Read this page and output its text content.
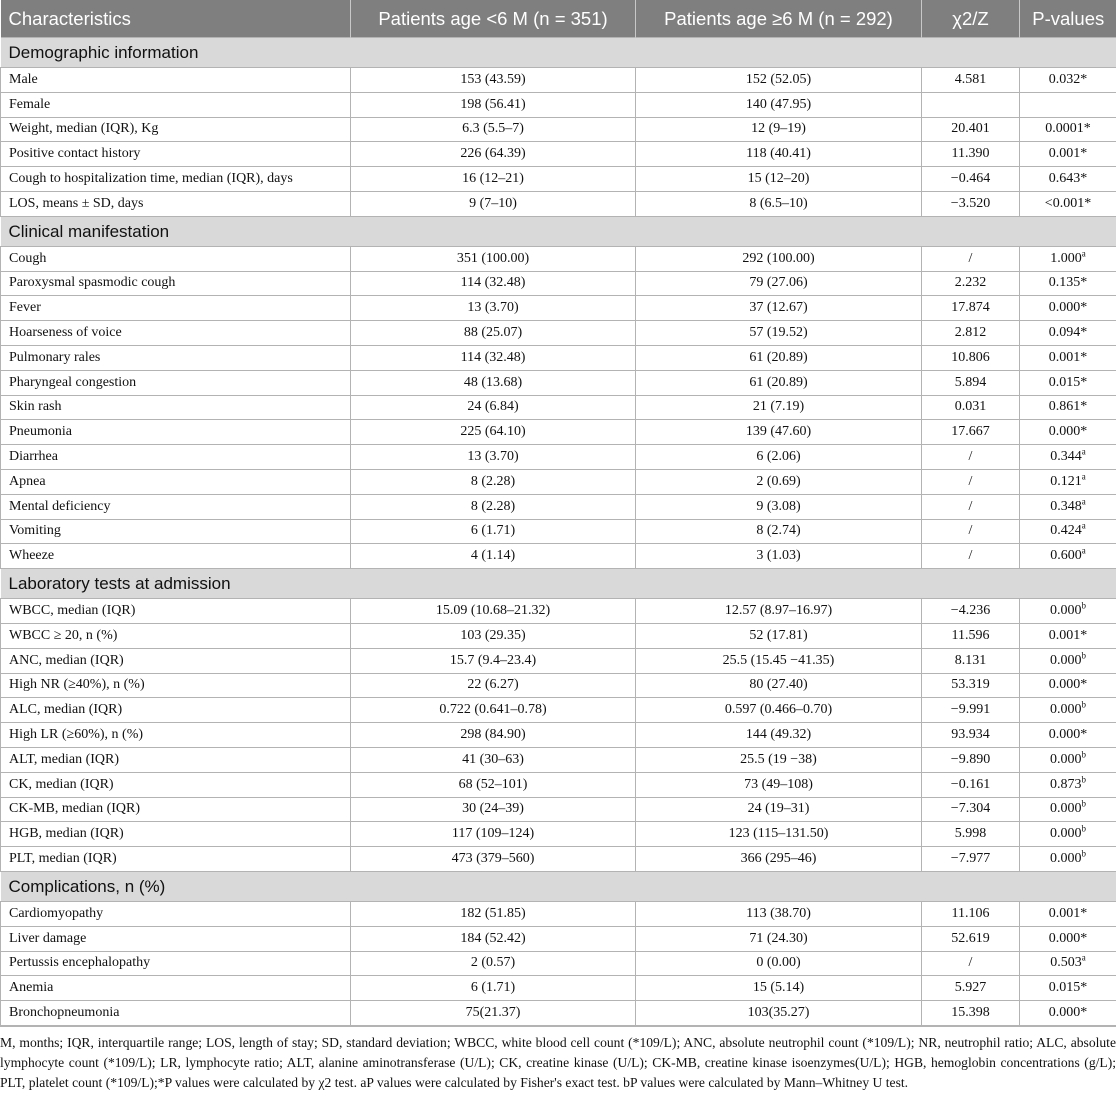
Characteristics	Patients age <6 M (n = 351)	Patients age ≥6 M (n = 292)	χ2/Z	P-values
Demographic information				
Male	153 (43.59)	152 (52.05)	4.581	0.032*
Female	198 (56.41)	140 (47.95)		
Weight, median (IQR), Kg	6.3 (5.5–7)	12 (9–19)	20.401	0.0001*
Positive contact history	226 (64.39)	118 (40.41)	11.390	0.001*
Cough to hospitalization time, median (IQR), days	16 (12–21)	15 (12–20)	−0.464	0.643*
LOS, means ± SD, days	9 (7–10)	8 (6.5–10)	−3.520	<0.001*
Clinical manifestation				
Cough	351 (100.00)	292 (100.00)	/	1.000$^a$
Paroxysmal spasmodic cough	114 (32.48)	79 (27.06)	2.232	0.135*
Fever	13 (3.70)	37 (12.67)	17.874	0.000*
Hoarseness of voice	88 (25.07)	57 (19.52)	2.812	0.094*
Pulmonary rales	114 (32.48)	61 (20.89)	10.806	0.001*
Pharyngeal congestion	48 (13.68)	61 (20.89)	5.894	0.015*
Skin rash	24 (6.84)	21 (7.19)	0.031	0.861*
Pneumonia	225 (64.10)	139 (47.60)	17.667	0.000*
Diarrhea	13 (3.70)	6 (2.06)	/	0.344$^a$
Apnea	8 (2.28)	2 (0.69)	/	0.121$^a$
Mental deficiency	8 (2.28)	9 (3.08)	/	0.348$^a$
Vomiting	6 (1.71)	8 (2.74)	/	0.424$^a$
Wheeze	4 (1.14)	3 (1.03)	/	0.600$^a$
Laboratory tests at admission				
WBCC, median (IQR)	15.09 (10.68–21.32)	12.57 (8.97–16.97)	−4.236	0.000$^b$
WBCC ≥ 20, n (%)	103 (29.35)	52 (17.81)	11.596	0.001*
ANC, median (IQR)	15.7 (9.4–23.4)	25.5 (15.45 −41.35)	8.131	0.000$^b$
High NR (≥40%), n (%)	22 (6.27)	80 (27.40)	53.319	0.000*
ALC, median (IQR)	0.722 (0.641–0.78)	0.597 (0.466–0.70)	−9.991	0.000$^b$
High LR (≥60%), n (%)	298 (84.90)	144 (49.32)	93.934	0.000*
ALT, median (IQR)	41 (30–63)	25.5 (19 −38)	−9.890	0.000$^b$
CK, median (IQR)	68 (52–101)	73 (49–108)	−0.161	0.873$^b$
CK-MB, median (IQR)	30 (24–39)	24 (19–31)	−7.304	0.000$^b$
HGB, median (IQR)	117 (109–124)	123 (115–131.50)	5.998	0.000$^b$
PLT, median (IQR)	473 (379–560)	366 (295–46)	−7.977	0.000$^b$
Complications, n (%)				
Cardiomyopathy	182 (51.85)	113 (38.70)	11.106	0.001*
Liver damage	184 (52.42)	71 (24.30)	52.619	0.000*
Pertussis encephalopathy	2 (0.57)	0 (0.00)	/	0.503$^a$
Anemia	6 (1.71)	15 (5.14)	5.927	0.015*
Bronchopneumonia	75(21.37)	103(35.27)	15.398	0.000*
M, months; IQR, interquartile range; LOS, length of stay; SD, standard deviation; WBCC, white blood cell count (*109/L); ANC, absolute neutrophil count (*109/L); NR, neutrophil ratio; ALC, absolute lymphocyte count (*109/L); LR, lymphocyte ratio; ALT, alanine aminotransferase (U/L); CK, creatine kinase (U/L); CK-MB, creatine kinase isoenzymes(U/L); HGB, hemoglobin concentrations (g/L); PLT, platelet count (*109/L);*P values were calculated by χ2 test. aP values were calculated by Fisher's exact test. bP values were calculated by Mann–Whitney U test.
